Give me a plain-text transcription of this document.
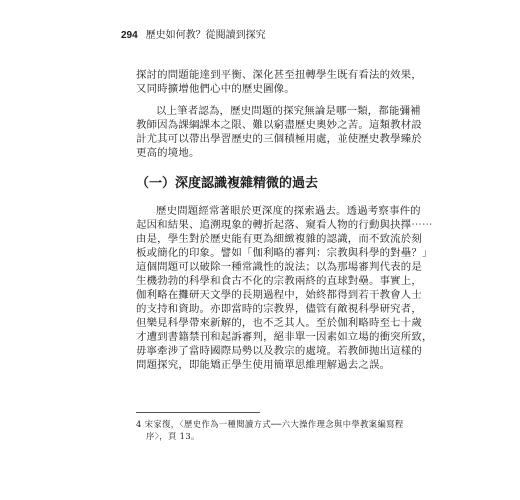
294 歷史如何教？從閱讀到探究
探討的問題能達到平衡、深化甚至扭轉學生既有看法的效果，
又同時擴增他們心中的歷史圖像。
以上筆者認為，歷史問題的探究無論是哪一類，都能彌補
教師因為課綱課本之限、難以窮盡歷史奧妙之苦。這類教材設
計尤其可以帶出學習歷史的三個積極用處，並使歷史教學臻於
更高的境地。
（一）深度認識複雜精微的過去
歷史問題經常著眼於更深度的探索過去。透過考察事件的
起因和結果、追溯現象的轉折起落、窺看人物的行動與抉擇⋯⋯
由是，學生對於歷史能有更為細緻複雜的認識，而不致流於刻
板或簡化的印象。譬如「伽利略的審判：宗教與科學的對壘？」
這個問題可以破除一種常識性的說法；以為那場審判代表的是
生機勃勃的科學和食古不化的宗教兩終的直球對壘。事實上，
伽利略在攤研天文學的長期過程中，始終都得到若干教會人士
的支持和資助。亦即當時的宗教界，儘管有敵視科學研究者，
但樂見科學帶來新解的，也不乏其人。至於伽利略時至七十歲
才遭到書籍禁刊和起訴審判，絕非單一因素如立場的衝突所致，
毋寧牽涉了當時國際局勢以及教宗的處境。若教師抛出這樣的
問題探究，即能矯正學生使用簡單思維理解過去之誤。
4 宋家復，〈歷史作為一種閱讀方式──六大操作理念與中學教案編寫程
序〉，頁 13。
